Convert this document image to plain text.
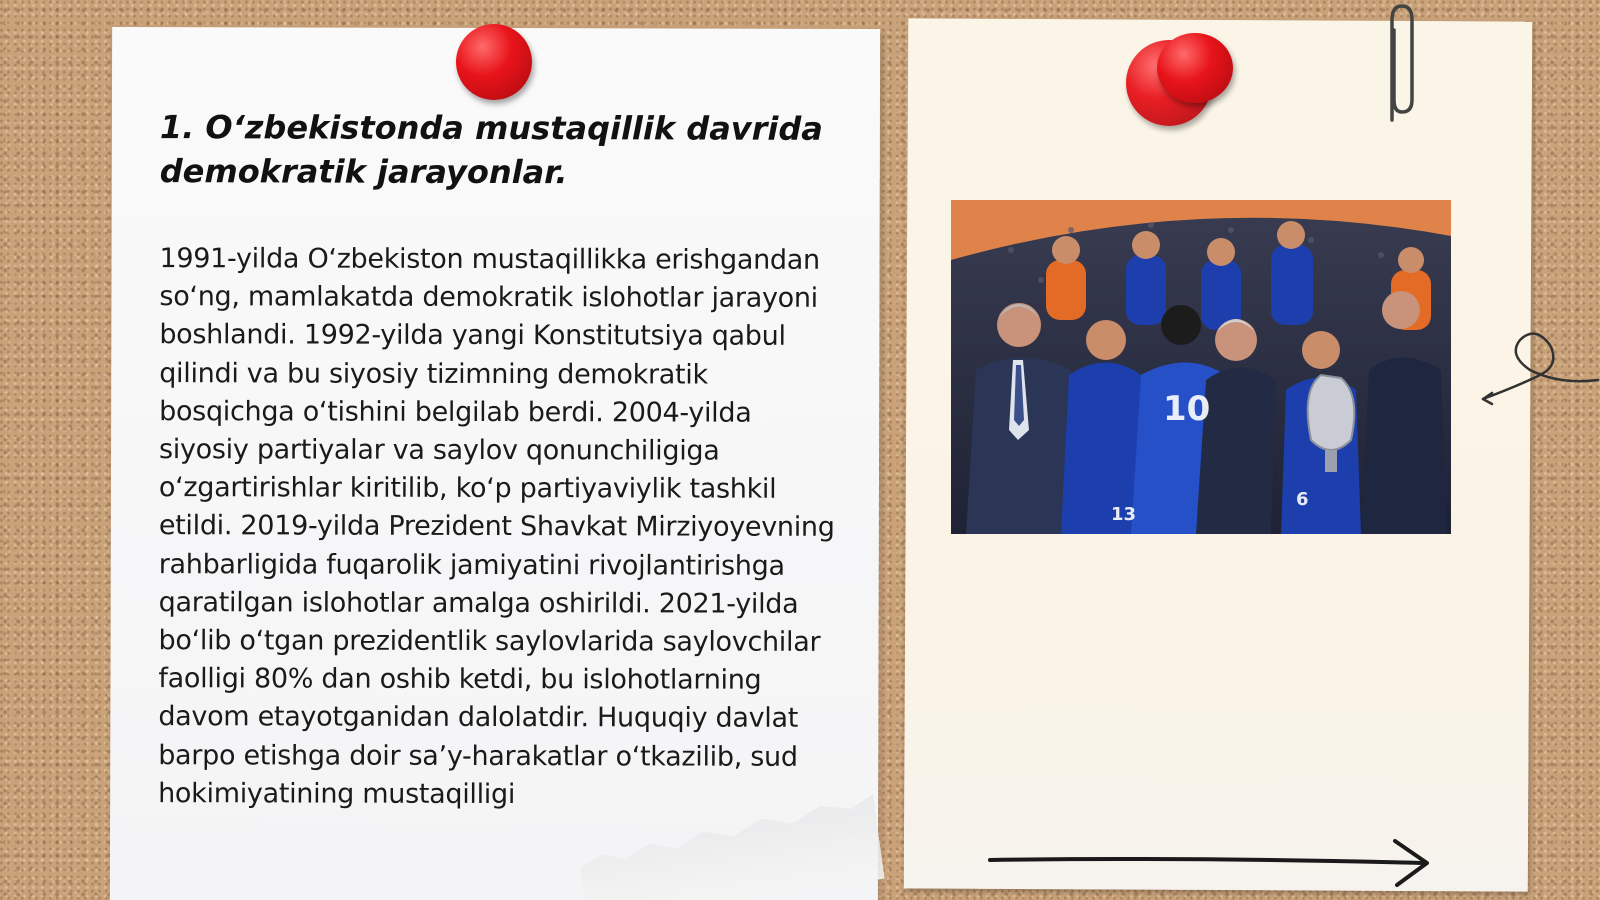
1. O‘zbekistonda mustaqillik davrida demokratik jarayonlar.

1991-yilda O‘zbekiston mustaqillikka erishgandan so‘ng, mamlakatda demokratik islohotlar jarayoni boshlandi. 1992-yilda yangi Konstitutsiya qabul qilindi va bu siyosiy tizimning demokratik bosqichga o‘tishini belgilab berdi. 2004-yilda siyosiy partiyalar va saylov qonunchiligiga o‘zgartirishlar kiritilib, ko‘p partiyaviylik tashkil etildi. 2019-yilda Prezident Shavkat Mirziyoyevning rahbarligida fuqarolik jamiyatini rivojlantirishga qaratilgan islohotlar amalga oshirildi. 2021-yilda bo‘lib o‘tgan prezidentlik saylovlarida saylovchilar faolligi 80% dan oshib ketdi, bu islohotlarning davom etayotganidan dalolatdir. Huquqiy davlat barpo etishga doir sa’y-harakatlar o‘tkazilib, sud hokimiyatining mustaqilligi

10
13
6
